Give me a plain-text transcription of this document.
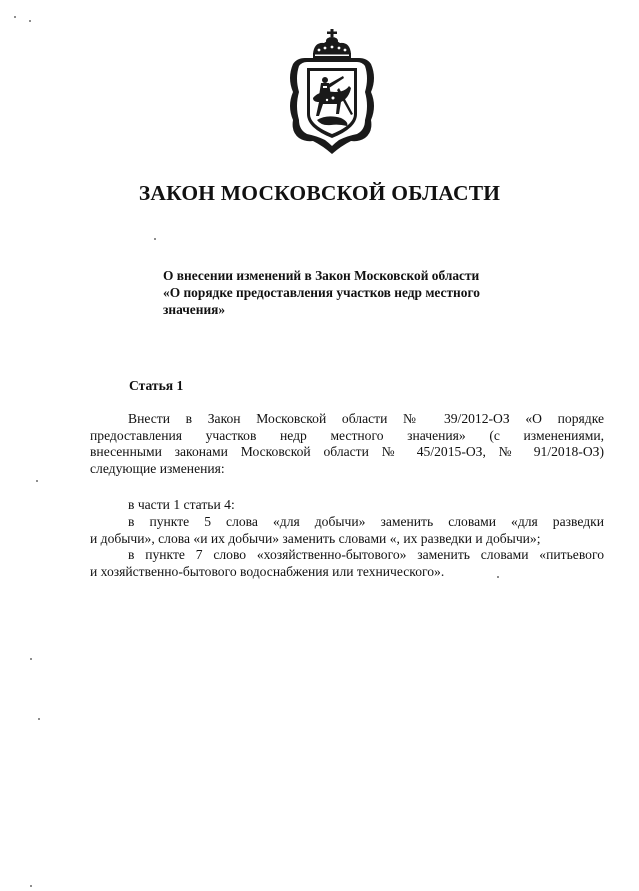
ЗАКОН МОСКОВСКОЙ ОБЛАСТИ
О внесении изменений в Закон Московской области
«О порядке предоставления участков недр местного
значения»
Статья 1
Внести в Закон Московской области № 39/2012-ОЗ «О порядке
предоставления участков недр местного значения» (с изменениями,
внесенными законами Московской области № 45/2015-ОЗ, № 91/2018-ОЗ)
следующие изменения:
в части 1 статьи 4:
в пункте 5 слова «для добычи» заменить словами «для разведки
и добычи», слова «и их добычи» заменить словами «, их разведки и добычи»;
в пункте 7 слово «хозяйственно-бытового» заменить словами «питьевого
и хозяйственно-бытового водоснабжения или технического».
